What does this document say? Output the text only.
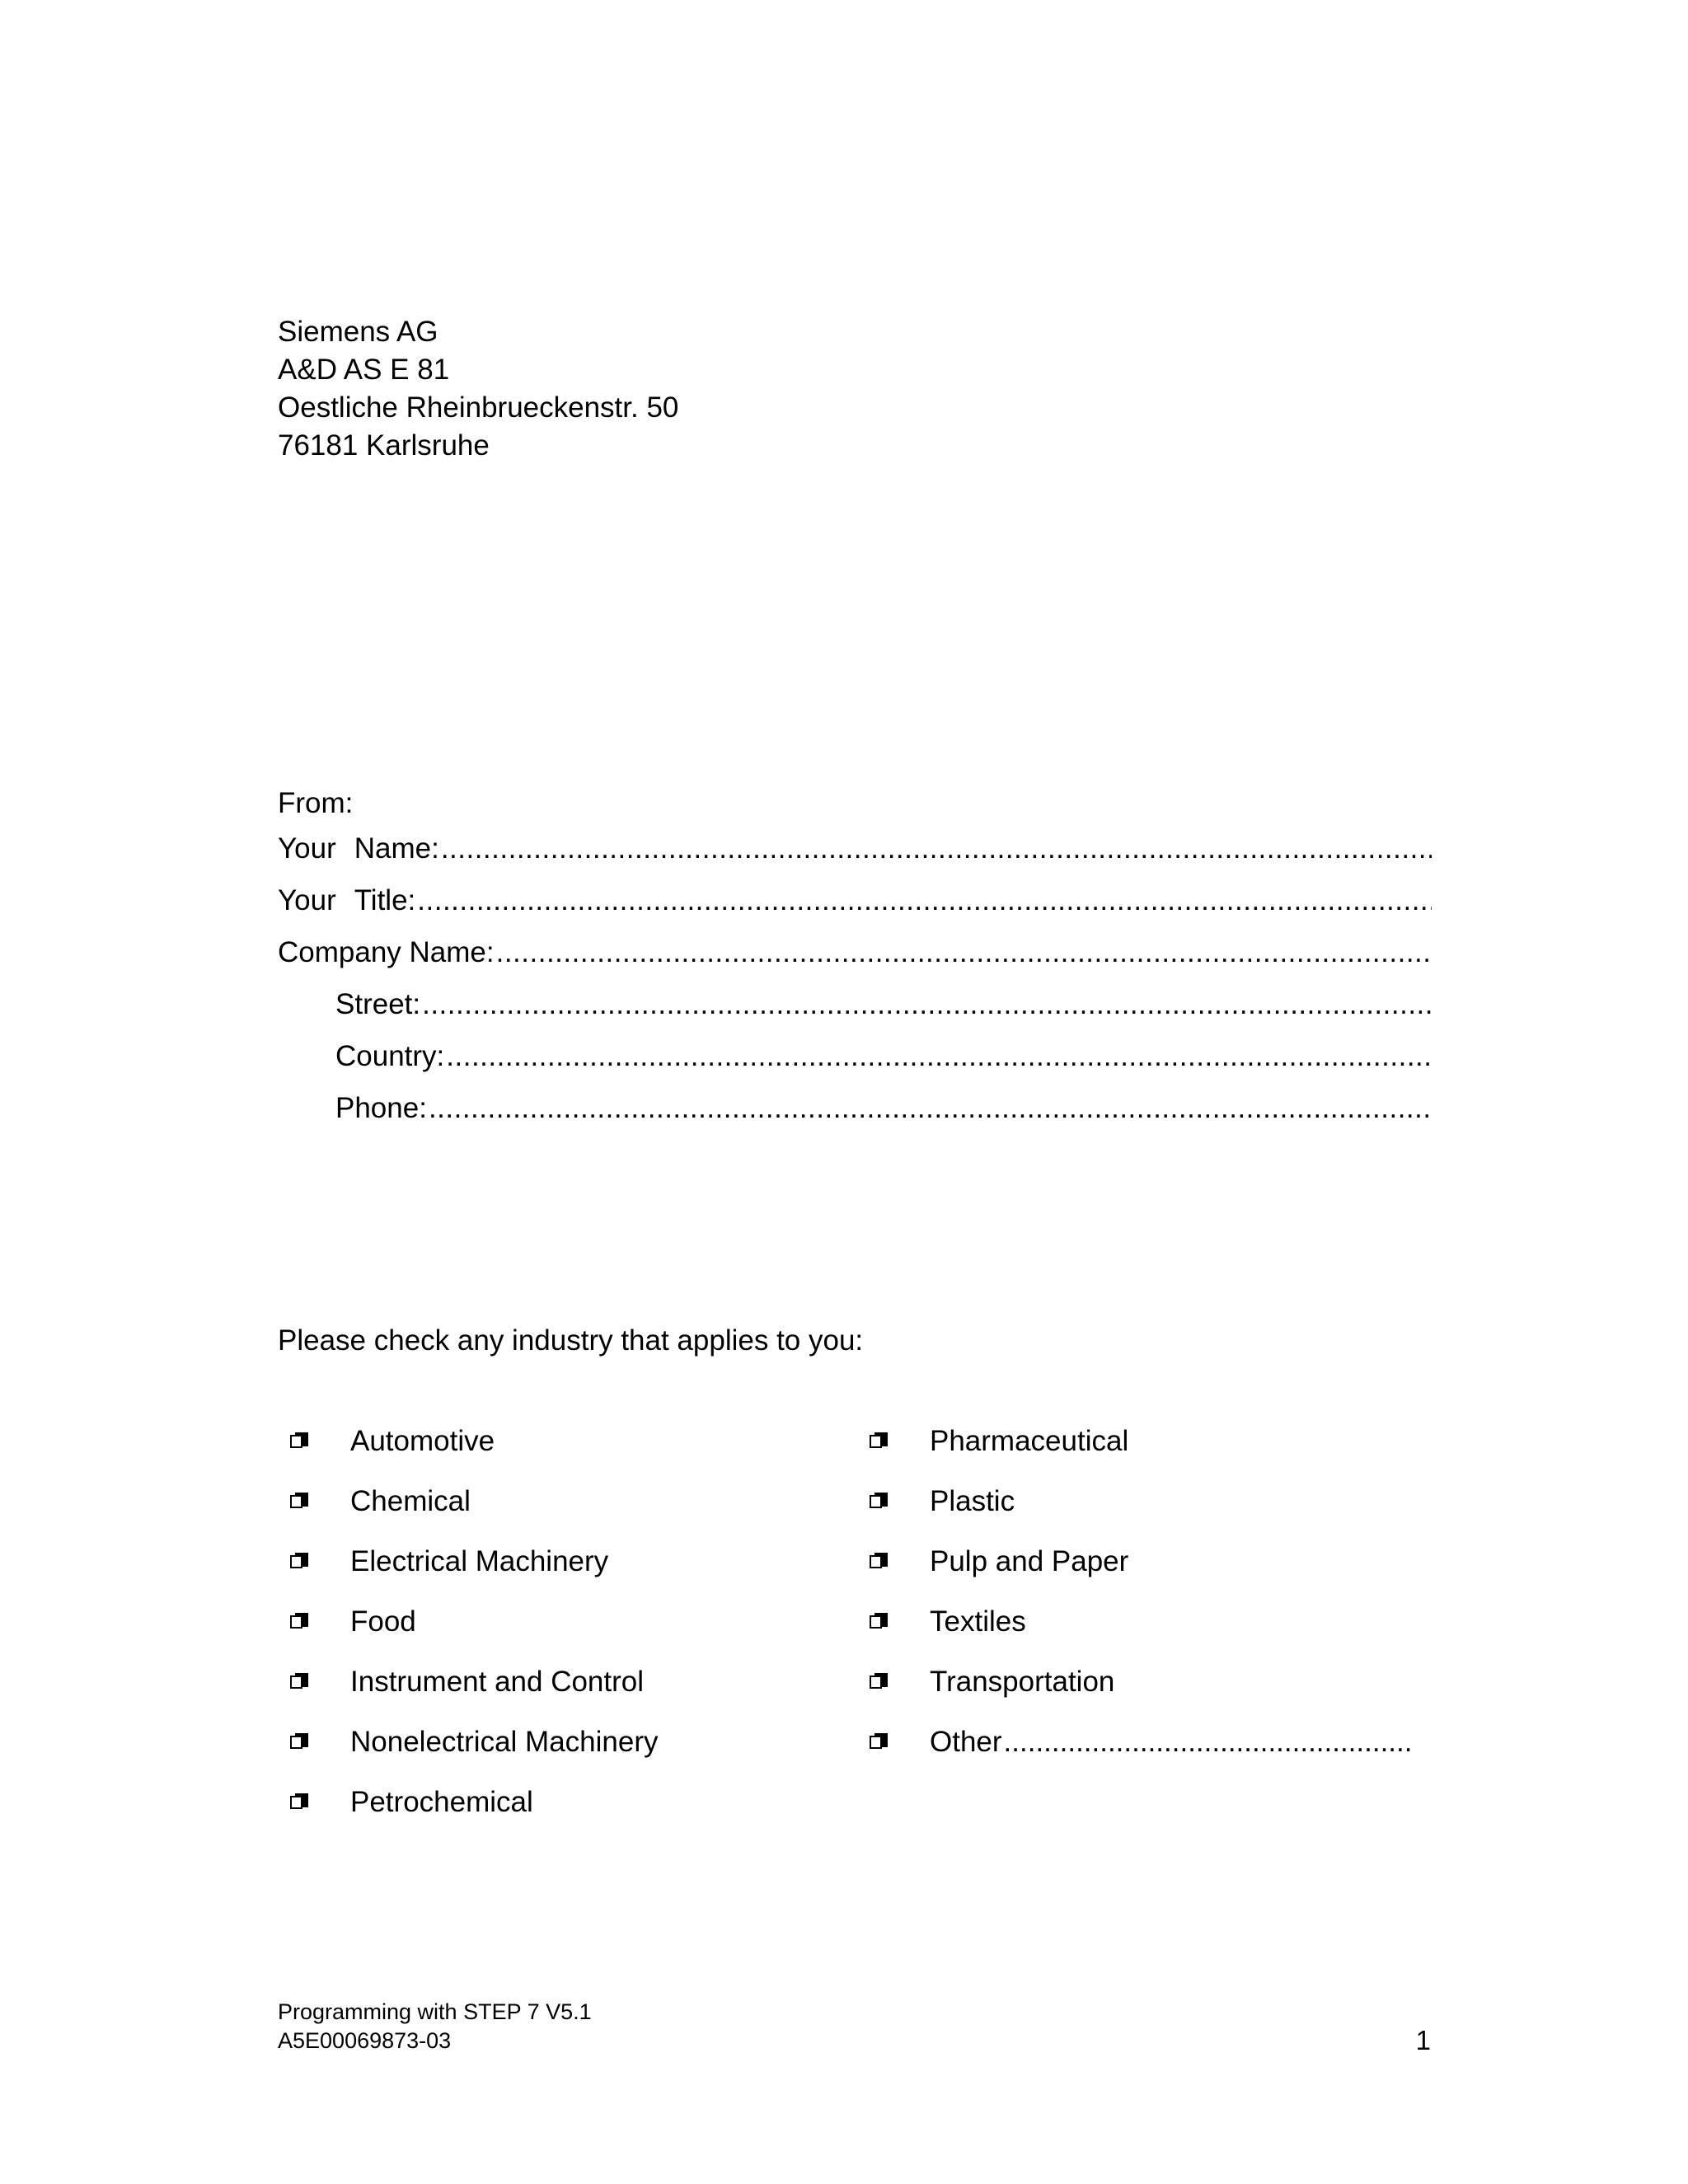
Siemens AG
A&D AS E 81
Oestliche Rheinbrueckenstr. 50
76181 Karlsruhe
From:
Your Name:
.....
Your Title:
.....
Company Name:
.....
Street:
.....
Country:
.....
Phone:
.....
Please check any industry that applies to you:
Automotive
Chemical
Electrical Machinery
Food
Instrument and Control
Nonelectrical Machinery
Petrochemical
Pharmaceutical
Plastic
Pulp and Paper
Textiles
Transportation
Other
.....
Programming with STEP 7 V5.1
A5E00069873-03	1
